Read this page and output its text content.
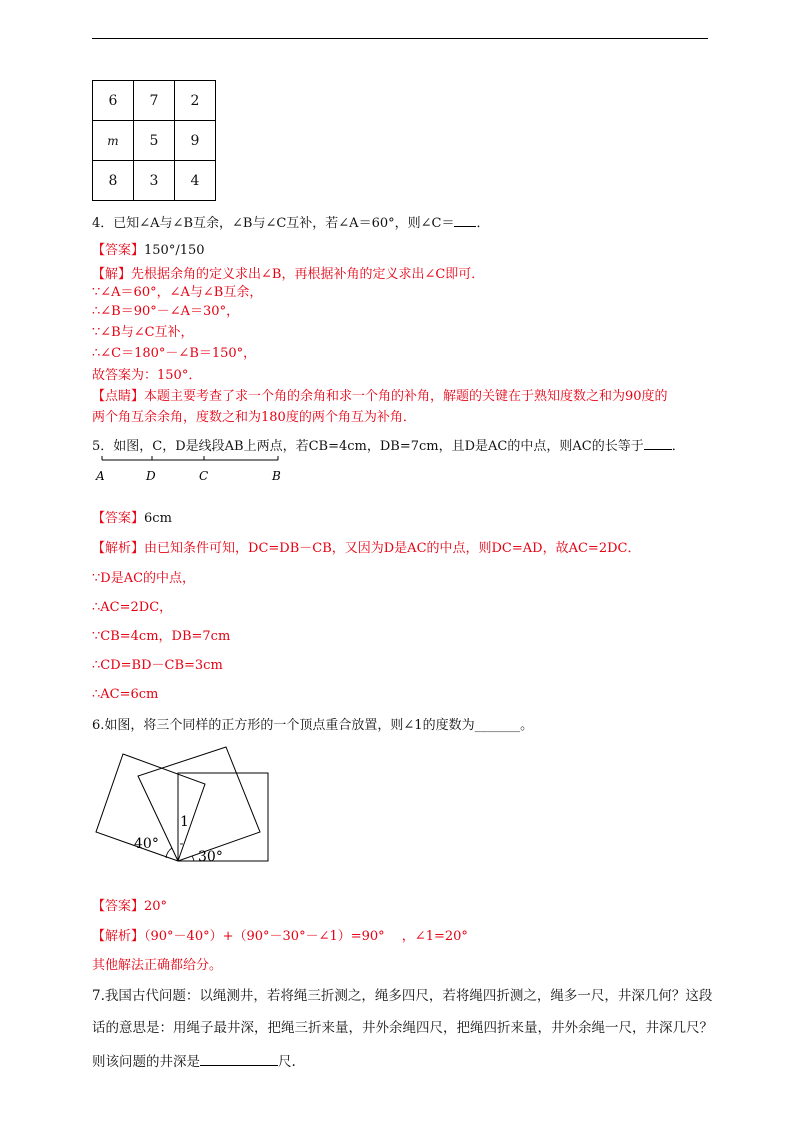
6	7	2
m	5	9
8	3	4
4．已知∠A与∠B互余，∠B与∠C互补，若∠A＝60°，则∠C＝ ．
【答案】150°/150
【解】先根据余角的定义求出∠B，再根据补角的定义求出∠C即可．
∵∠A＝60°，∠A与∠B互余，
∴∠B＝90°－∠A＝30°，
∵∠B与∠C互补，
∴∠C＝180°－∠B＝150°，
故答案为：150°．
【点睛】本题主要考查了求一个角的余角和求一个角的补角，解题的关键在于熟知度数之和为90度的
两个角互余余角，度数之和为180度的两个角互为补角．
5．如图，C，D是线段AB上两点，若CB=4cm，DB=7cm，且D是AC的中点，则AC的长等于 ．
A	D	C	B
【答案】6cm
【解析】由已知条件可知，DC=DB－CB，又因为D是AC的中点，则DC=AD，故AC=2DC．
∵D是AC的中点，
∴AC=2DC，
∵CB=4cm，DB=7cm
∴CD=BD－CB=3cm
∴AC=6cm
6.如图，将三个同样的正方形的一个顶点重合放置，则∠1的度数为_______。
40°
1
30°
【答案】20°
【解析】（90°－40°）+（90°－30°－∠1）=90°　 ，∠1=20°
其他解法正确都给分。
7.我国古代问题：以绳测井，若将绳三折测之，绳多四尺，若将绳四折测之，绳多一尺，井深几何？这段
话的意思是：用绳子最井深，把绳三折来量，井外余绳四尺，把绳四折来量，井外余绳一尺，井深几尺？
则该问题的井深是	尺.
